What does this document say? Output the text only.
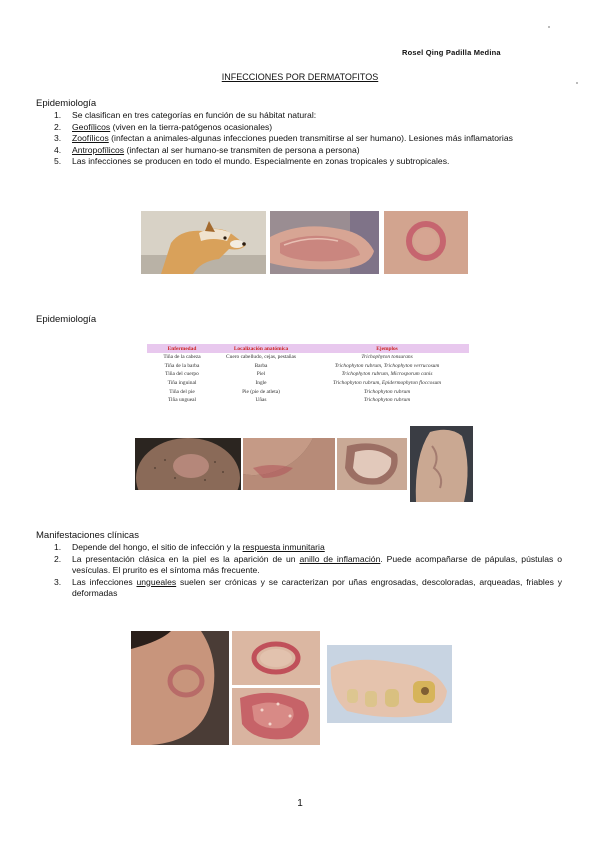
Rosel Qing Padilla Medina
INFECCIONES POR DERMATOFITOS
Epidemiología
1. Se clasifican en tres categorías en función de su hábitat natural:
2. Geofílicos (viven en la tierra-patógenos ocasionales)
3. Zoofílicos (infectan a animales-algunas infecciones pueden transmitirse al ser humano). Lesiones más inflamatorias
4. Antropofílicos (infectan al ser humano-se transmiten de persona a persona)
5. Las infecciones se producen en todo el mundo. Especialmente en zonas tropicales y subtropicales.
Epidemiología
Enfermedad	Localización anatómica	Ejemplos
Tiña de la cabeza	Cuero cabelludo, cejas, pestañas	Trichophyton tonsurans
Tiña de la barba	Barba	Trichophyton rubrum, Trichophyton verrucosum
Tiña del cuerpo	Piel	Trichophyton rubrum, Microsporum canis
Tiña inguinal	Ingle	Trichophyton rubrum, Epidermophyton floccosum
Tiña del pie	Pie (pie de atleta)	Trichophyton rubrum
Tiña ungueal	Uñas	Trichophyton rubrum
Manifestaciones clínicas
1. Depende del hongo, el sitio de infección y la respuesta inmunitaria
2. La presentación clásica en la piel es la aparición de un anillo de inflamación. Puede acompañarse de pápulas, pústulas o vesículas. El prurito es el síntoma más frecuente.
3. Las infecciones ungueales suelen ser crónicas y se caracterizan por uñas engrosadas, descoloradas, arqueadas, friables y deformadas
1
